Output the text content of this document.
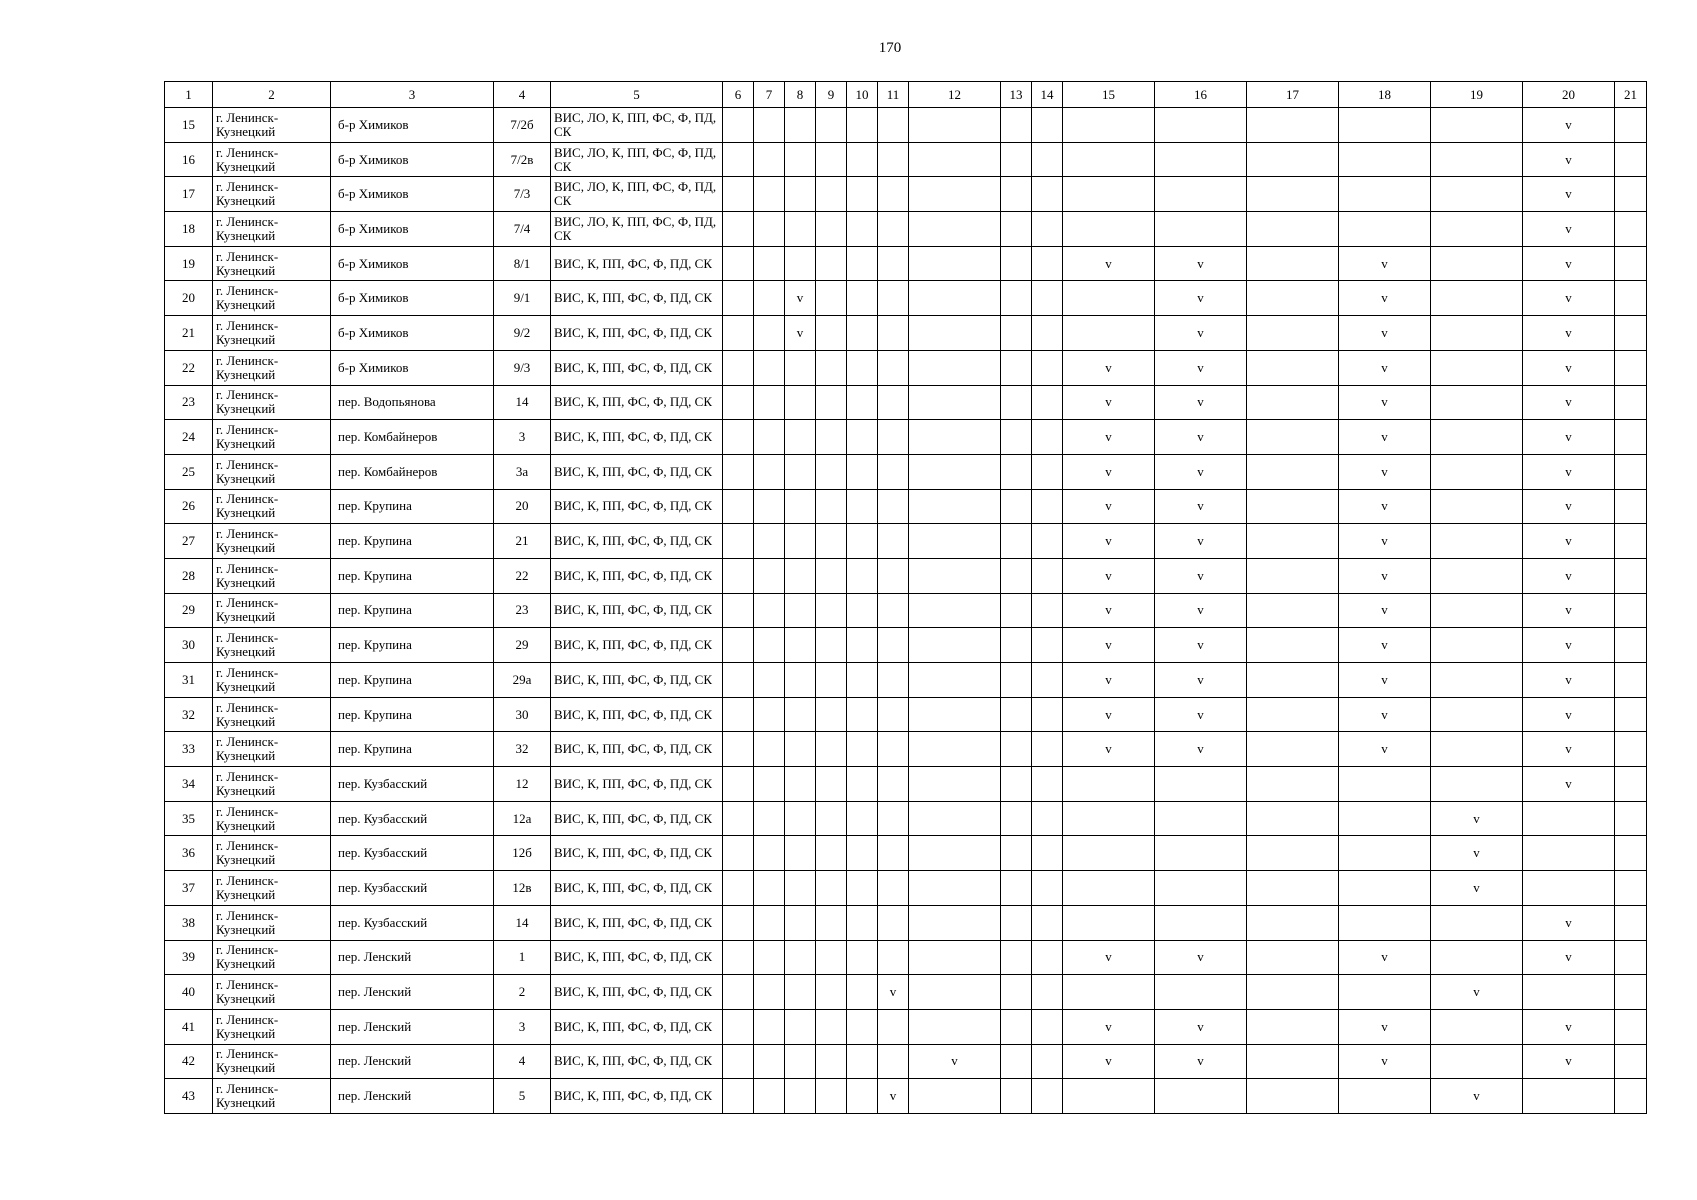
170
1	2	3	4	5	6	7	8	9	10	11	12	13	14	15	16	17	18	19	20	21
15	г. Ленинск-Кузнецкий	б-р Химиков	7/2б	ВИС, ЛО, К, ПП, ФС, Ф, ПД, СК															v	
16	г. Ленинск-Кузнецкий	б-р Химиков	7/2в	ВИС, ЛО, К, ПП, ФС, Ф, ПД, СК															v	
17	г. Ленинск-Кузнецкий	б-р Химиков	7/3	ВИС, ЛО, К, ПП, ФС, Ф, ПД, СК															v	
18	г. Ленинск-Кузнецкий	б-р Химиков	7/4	ВИС, ЛО, К, ПП, ФС, Ф, ПД, СК															v	
19	г. Ленинск-Кузнецкий	б-р Химиков	8/1	ВИС, К, ПП, ФС, Ф, ПД, СК										v	v		v		v	
20	г. Ленинск-Кузнецкий	б-р Химиков	9/1	ВИС, К, ПП, ФС, Ф, ПД, СК			v								v		v		v	
21	г. Ленинск-Кузнецкий	б-р Химиков	9/2	ВИС, К, ПП, ФС, Ф, ПД, СК			v								v		v		v	
22	г. Ленинск-Кузнецкий	б-р Химиков	9/3	ВИС, К, ПП, ФС, Ф, ПД, СК										v	v		v		v	
23	г. Ленинск-Кузнецкий	пер. Водопьянова	14	ВИС, К, ПП, ФС, Ф, ПД, СК										v	v		v		v	
24	г. Ленинск-Кузнецкий	пер. Комбайнеров	3	ВИС, К, ПП, ФС, Ф, ПД, СК										v	v		v		v	
25	г. Ленинск-Кузнецкий	пер. Комбайнеров	3а	ВИС, К, ПП, ФС, Ф, ПД, СК										v	v		v		v	
26	г. Ленинск-Кузнецкий	пер. Крупина	20	ВИС, К, ПП, ФС, Ф, ПД, СК										v	v		v		v	
27	г. Ленинск-Кузнецкий	пер. Крупина	21	ВИС, К, ПП, ФС, Ф, ПД, СК										v	v		v		v	
28	г. Ленинск-Кузнецкий	пер. Крупина	22	ВИС, К, ПП, ФС, Ф, ПД, СК										v	v		v		v	
29	г. Ленинск-Кузнецкий	пер. Крупина	23	ВИС, К, ПП, ФС, Ф, ПД, СК										v	v		v		v	
30	г. Ленинск-Кузнецкий	пер. Крупина	29	ВИС, К, ПП, ФС, Ф, ПД, СК										v	v		v		v	
31	г. Ленинск-Кузнецкий	пер. Крупина	29а	ВИС, К, ПП, ФС, Ф, ПД, СК										v	v		v		v	
32	г. Ленинск-Кузнецкий	пер. Крупина	30	ВИС, К, ПП, ФС, Ф, ПД, СК										v	v		v		v	
33	г. Ленинск-Кузнецкий	пер. Крупина	32	ВИС, К, ПП, ФС, Ф, ПД, СК										v	v		v		v	
34	г. Ленинск-Кузнецкий	пер. Кузбасский	12	ВИС, К, ПП, ФС, Ф, ПД, СК															v	
35	г. Ленинск-Кузнецкий	пер. Кузбасский	12а	ВИС, К, ПП, ФС, Ф, ПД, СК														v		
36	г. Ленинск-Кузнецкий	пер. Кузбасский	12б	ВИС, К, ПП, ФС, Ф, ПД, СК														v		
37	г. Ленинск-Кузнецкий	пер. Кузбасский	12в	ВИС, К, ПП, ФС, Ф, ПД, СК														v		
38	г. Ленинск-Кузнецкий	пер. Кузбасский	14	ВИС, К, ПП, ФС, Ф, ПД, СК															v	
39	г. Ленинск-Кузнецкий	пер. Ленский	1	ВИС, К, ПП, ФС, Ф, ПД, СК										v	v		v		v	
40	г. Ленинск-Кузнецкий	пер. Ленский	2	ВИС, К, ПП, ФС, Ф, ПД, СК						v								v		
41	г. Ленинск-Кузнецкий	пер. Ленский	3	ВИС, К, ПП, ФС, Ф, ПД, СК										v	v		v		v	
42	г. Ленинск-Кузнецкий	пер. Ленский	4	ВИС, К, ПП, ФС, Ф, ПД, СК							v			v	v		v		v	
43	г. Ленинск-Кузнецкий	пер. Ленский	5	ВИС, К, ПП, ФС, Ф, ПД, СК						v								v		
